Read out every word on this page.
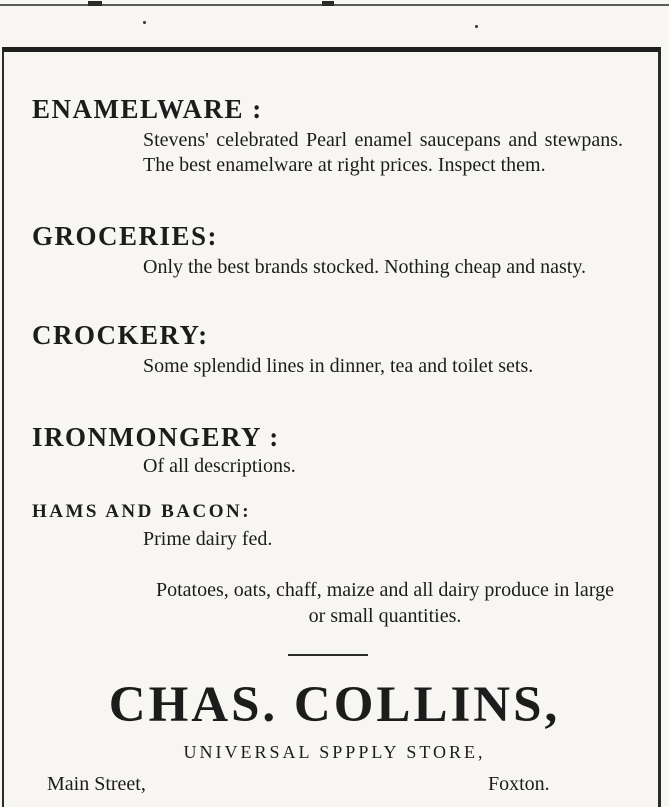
ENAMELWARE :

Stevens' celebrated Pearl enamel saucepans and stewpans. The best enamelware at right prices. Inspect them.

GROCERIES:

Only the best brands stocked. Nothing cheap and nasty.

CROCKERY:

Some splendid lines in dinner, tea and toilet sets.

IRONMONGERY :

Of all descriptions.

HAMS AND BACON:

Prime dairy fed.

Potatoes, oats, chaff, maize and all dairy produce in large or small quantities.

CHAS. COLLINS,

UNIVERSAL SPPPLY STORE,

Main Street,	Foxton.
